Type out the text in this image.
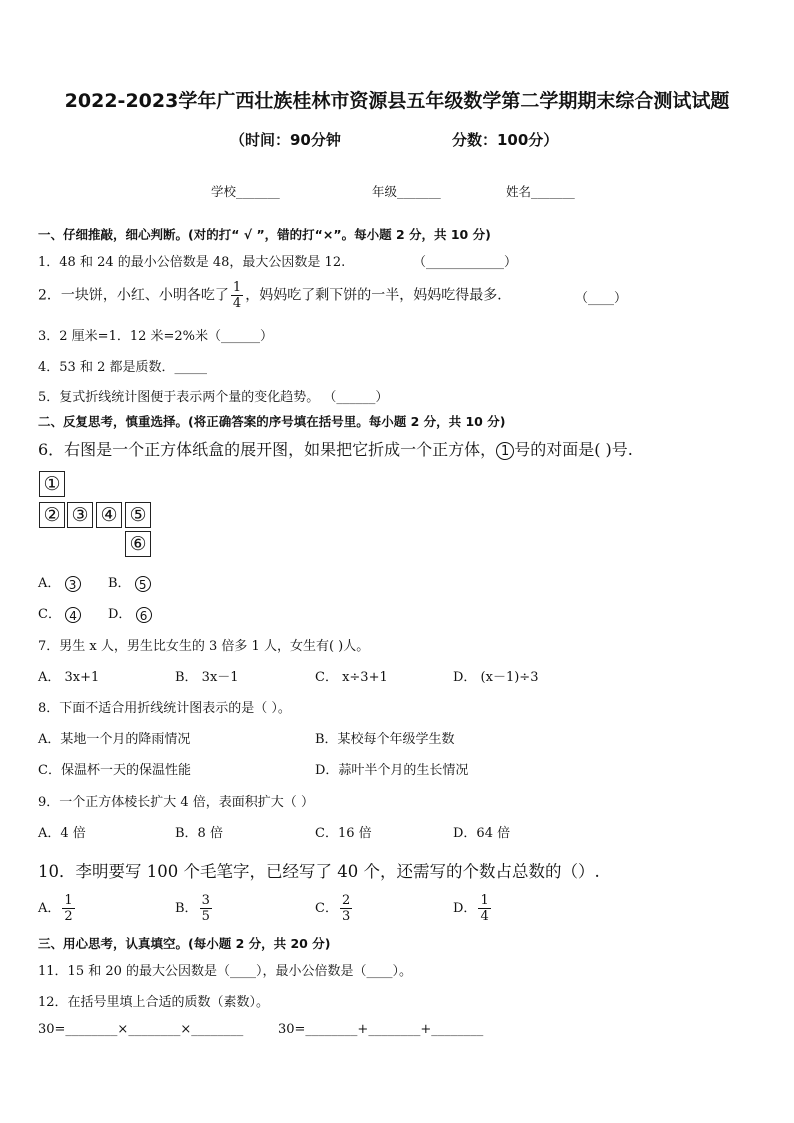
2022-2023学年广西壮族桂林市资源县五年级数学第二学期期末综合测试试题
（时间：90分钟	分数：100分）
学校_______	年级_______	姓名_______
一、仔细推敲，细心判断。(对的打“ √ ”，错的打“×”。每小题 2 分，共 10 分)
1．48 和 24 的最小公倍数是 48，最大公因数是 12.	（____________）
2．一块饼，小红、小明各吃了 $\frac{1}{4}$ ，妈妈吃了剩下饼的一半，妈妈吃得最多．	（____）
3．2 厘米=1．12 米=2%米（______）
4．53 和 2 都是质数．_____
5．复式折线统计图便于表示两个量的变化趋势。 （______）
二、反复思考，慎重选择。(将正确答案的序号填在括号里。每小题 2 分，共 10 分)
6．右图是一个正方体纸盒的展开图，如果把它折成一个正方体， 1 号的对面是( )号.
①
② ③ ④ ⑤
⑥
A． 3	B． 5
C． 4	D． 6
7．男生 x 人，男生比女生的 3 倍多 1 人，女生有( )人。
A． 3x+1	B． 3x－1	C． x÷3+1	D． (x－1)÷3
8．下面不适合用折线统计图表示的是（ ）。
A．某地一个月的降雨情况	B．某校每个年级学生数
C．保温杯一天的保温性能	D．蒜叶半个月的生长情况
9．一个正方体棱长扩大 4 倍，表面积扩大（ ）
A．4 倍	B．8 倍	C．16 倍	D．64 倍
10．李明要写 100 个毛笔字，已经写了 40 个，还需写的个数占总数的（）.
A． $\frac{1}{2}$	B． $\frac{3}{5}$	C． $\frac{2}{3}$	D． $\frac{1}{4}$
三、用心思考，认真填空。(每小题 2 分，共 20 分)
11．15 和 20 的最大公因数是（____），最小公倍数是（____）。
12．在括号里填上合适的质数（素数）。
30=________×________×________	30=________+________+________
